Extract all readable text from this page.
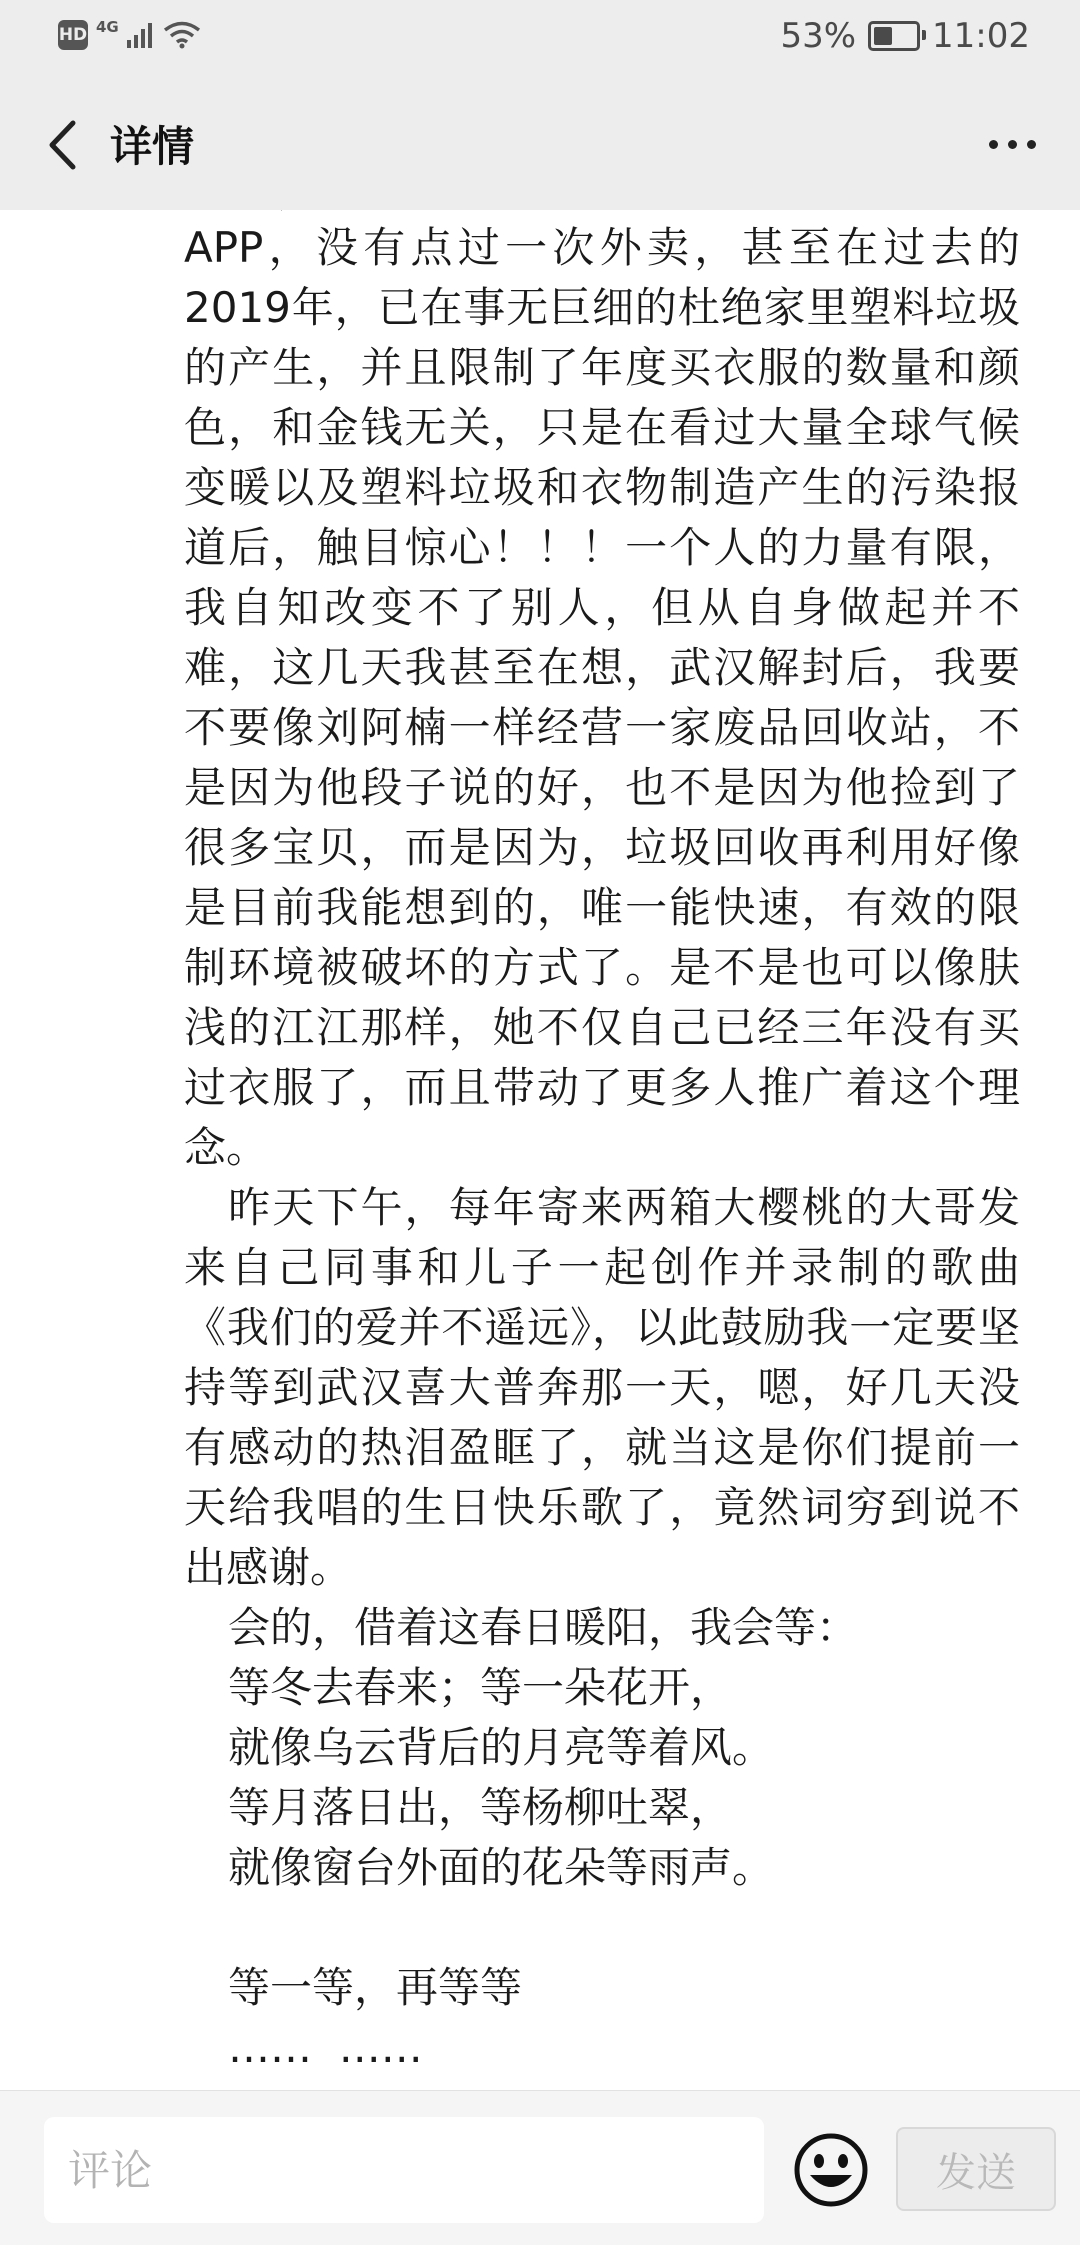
HD 4G	53% 11:02
详情

APP，没有点过一次外卖，甚至在过去的2019年，已在事无巨细的杜绝家里塑料垃圾的产生，并且限制了年度买衣服的数量和颜色，和金钱无关，只是在看过大量全球气候变暖以及塑料垃圾和衣物制造产生的污染报道后，触目惊心！！！一个人的力量有限，我自知改变不了别人，但从自身做起并不难，这几天我甚至在想，武汉解封后，我要不要像刘阿楠一样经营一家废品回收站，不是因为他段子说的好，也不是因为他捡到了很多宝贝，而是因为，垃圾回收再利用好像是目前我能想到的，唯一能快速，有效的限制环境被破坏的方式了。是不是也可以像肤浅的江江那样，她不仅自己已经三年没有买过衣服了，而且带动了更多人推广着这个理念。

　昨天下午，每年寄来两箱大樱桃的大哥发来自己同事和儿子一起创作并录制的歌曲《我们的爱并不遥远》，以此鼓励我一定要坚持等到武汉喜大普奔那一天，嗯，好几天没有感动的热泪盈眶了，就当这是你们提前一天给我唱的生日快乐歌了，竟然词穷到说不出感谢。

会的，借着这春日暖阳，我会等：

等冬去春来；等一朵花开，

就像乌云背后的月亮等着风。

等月落日出，等杨柳吐翠，

就像窗台外面的花朵等雨声。

等一等，再等等

……  ……

评论
发送
